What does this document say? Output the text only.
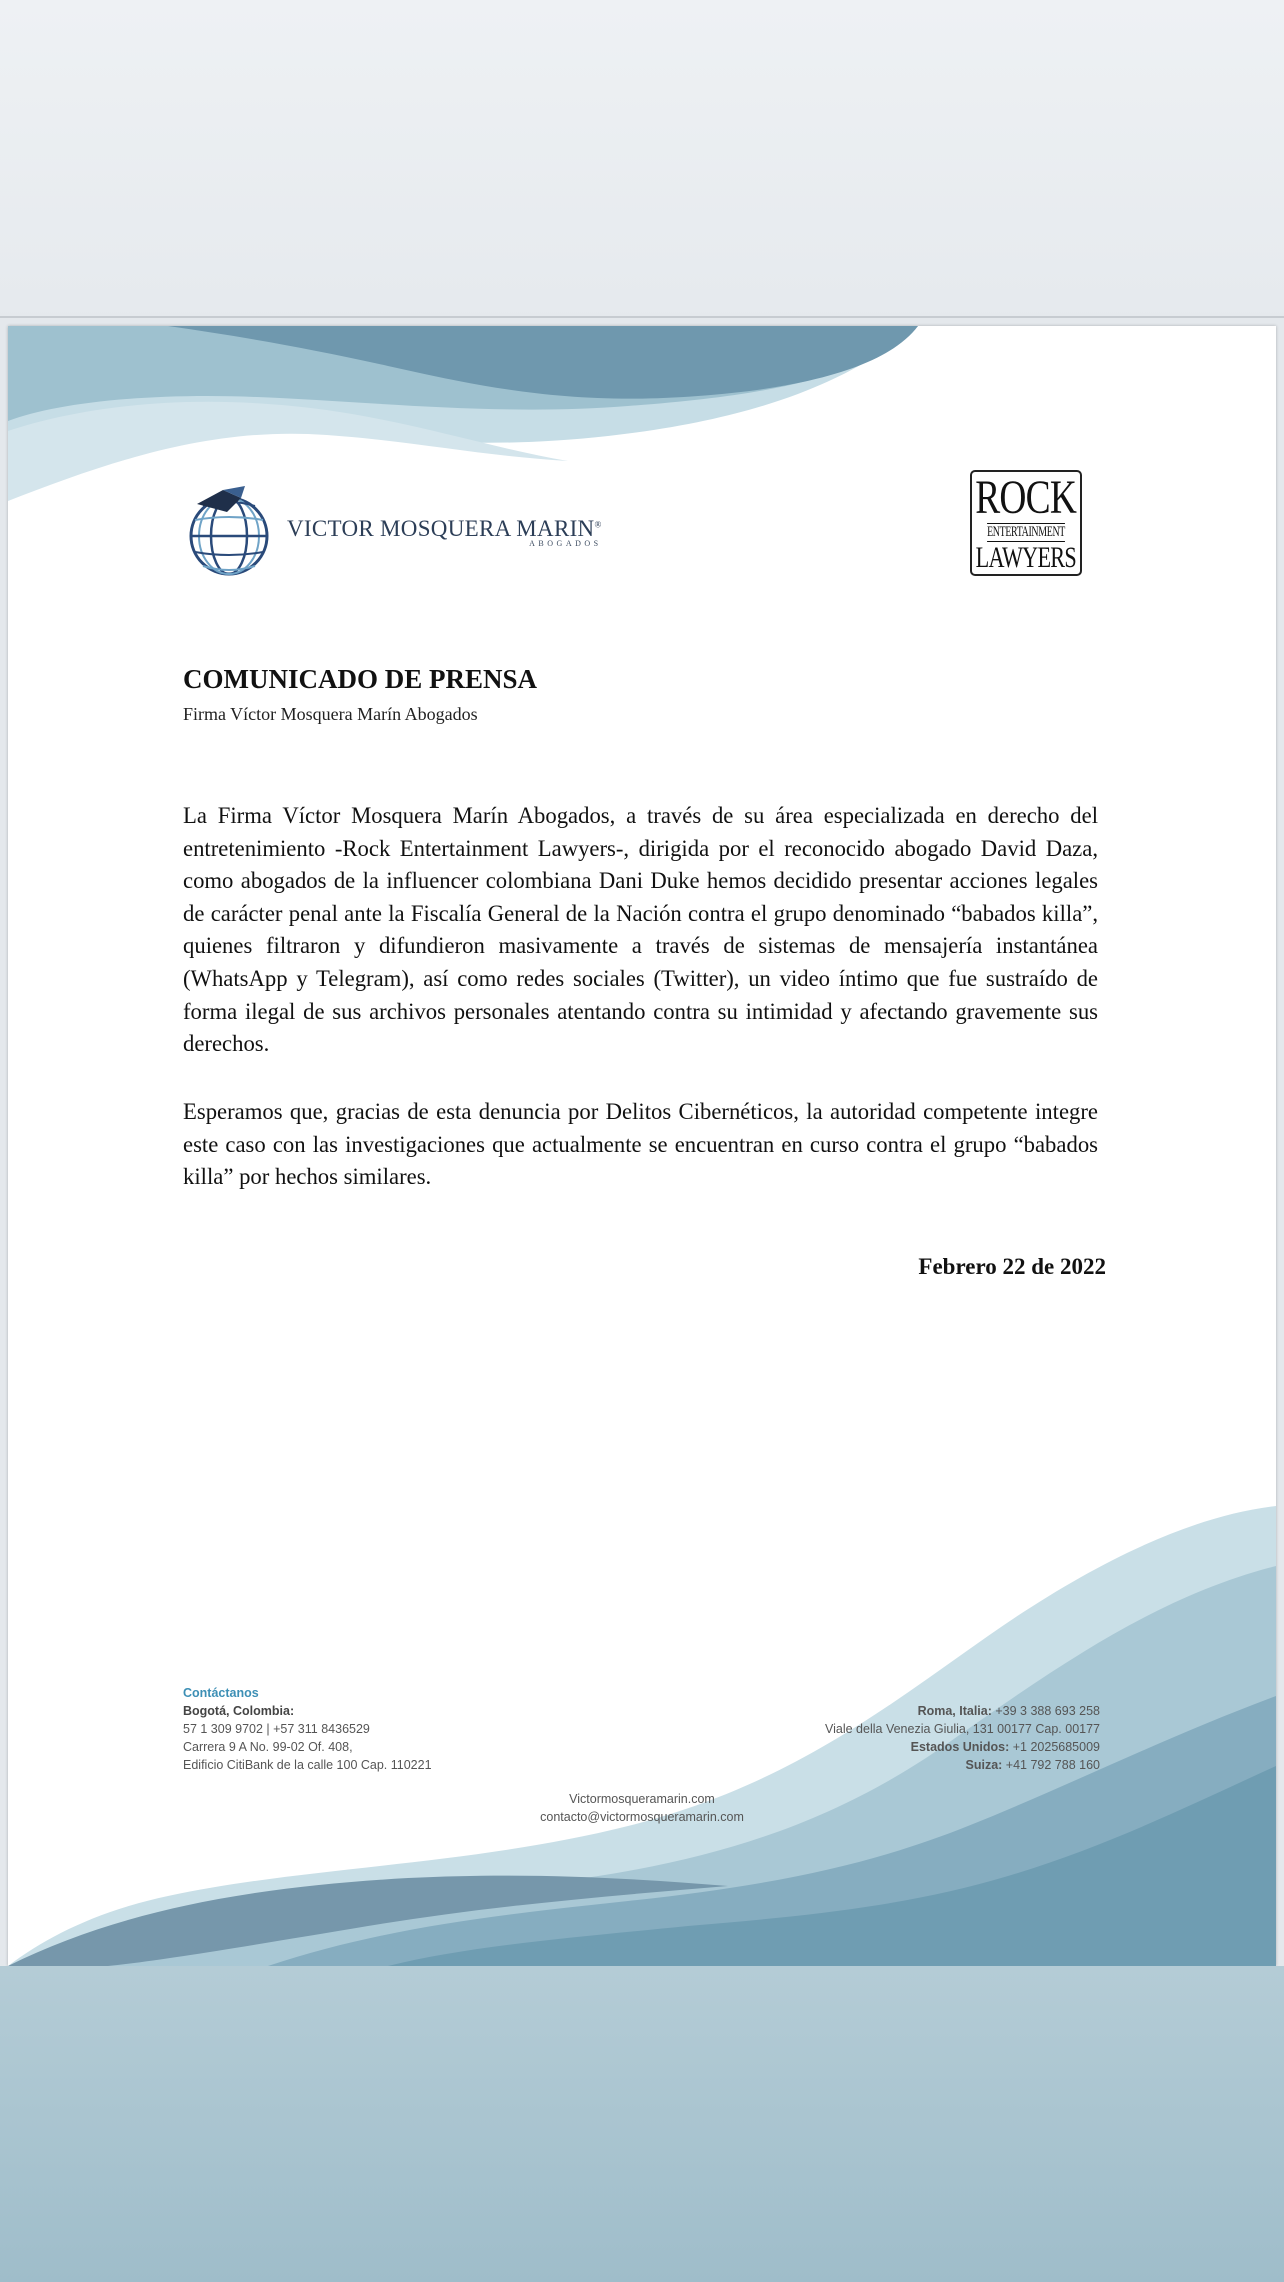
VICTOR MOSQUERA MARIN®
ABOGADOS
ROCK
ENTERTAINMENT
LAWYERS
COMUNICADO DE PRENSA
Firma Víctor Mosquera Marín Abogados

La Firma Víctor Mosquera Marín Abogados, a través de su área especializada en derecho del entretenimiento -Rock Entertainment Lawyers-, dirigida por el reconocido abogado David Daza, como abogados de la influencer colombiana Dani Duke hemos decidido presentar acciones legales de carácter penal ante la Fiscalía General de la Nación contra el grupo denominado “babados killa”, quienes filtraron y difundieron masivamente a través de sistemas de mensajería instantánea (WhatsApp y Telegram), así como redes sociales (Twitter), un video íntimo que fue sustraído de forma ilegal de sus archivos personales atentando contra su intimidad y afectando gravemente sus derechos.

Esperamos que, gracias de esta denuncia por Delitos Cibernéticos, la autoridad competente integre este caso con las investigaciones que actualmente se encuentran en curso contra el grupo “babados killa” por hechos similares.

Febrero 22 de 2022
Contáctanos
Bogotá, Colombia:
57 1 309 9702 | +57 311 8436529
Carrera 9 A No. 99-02 Of. 408,
Edificio CitiBank de la calle 100 Cap. 110221
Roma, Italia: +39 3 388 693 258
Viale della Venezia Giulia, 131 00177 Cap. 00177
Estados Unidos: +1 2025685009
Suiza: +41 792 788 160
Victormosqueramarin.com
contacto@victormosqueramarin.com
